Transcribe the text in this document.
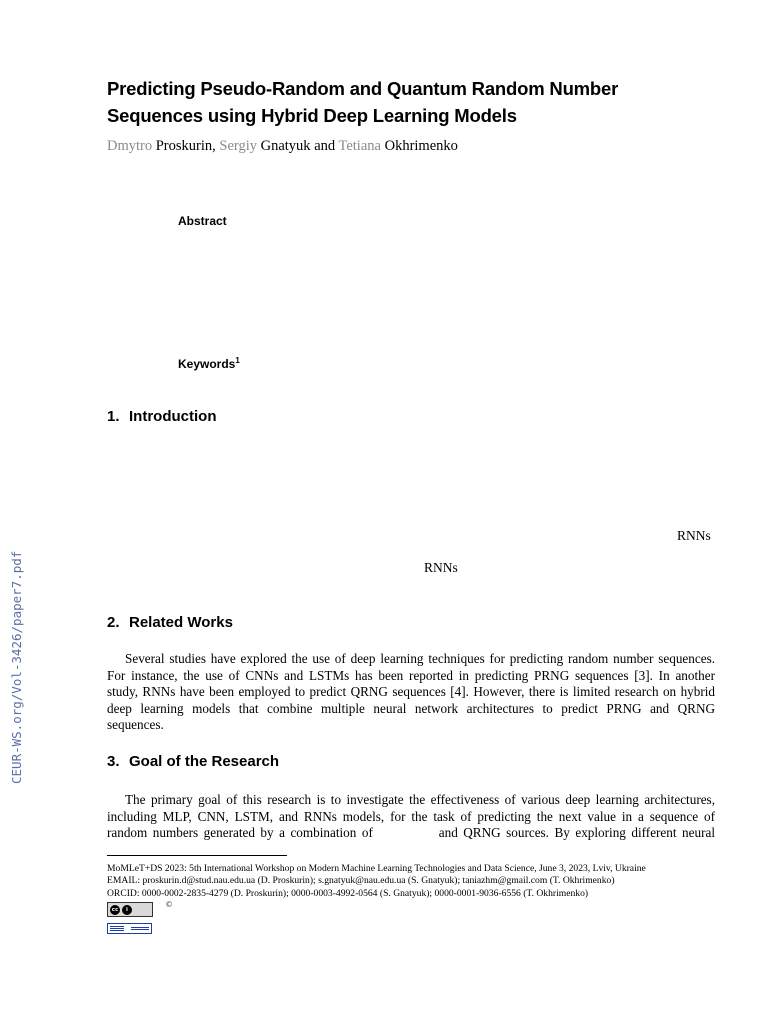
CEUR-WS.org/Vol-3426/paper7.pdf
Predicting Pseudo-Random and Quantum Random Number Sequences using Hybrid Deep Learning Models
Dmytro Proskurin, Sergiy Gnatyuk and Tetiana Okhrimenko
Abstract
Keywords$^1$
1. Introduction
RNNs
RNNs
2. Related Works
Several studies have explored the use of deep learning techniques for predicting random number sequences.
For instance, the use of CNNs and LSTMs has been reported in predicting PRNG sequences [3]. In another
study, RNNs have been employed to predict QRNG sequences [4]. However, there is limited research on hybrid
deep learning models that combine multiple neural network architectures to predict PRNG and QRNG
sequences.
3. Goal of the Research
The primary goal of this research is to investigate the effectiveness of various deep learning architectures,
including MLP, CNN, LSTM, and RNNs models, for the task of predicting the next value in a sequence of
random numbers generated by a combination of            and QRNG sources. By exploring different neural
MoMLeT+DS 2023: 5th International Workshop on Modern Machine Learning Technologies and Data Science, June 3, 2023, Lviv, Ukraine
EMAIL: proskurin.d@stud.nau.edu.ua (D. Proskurin); s.gnatyuk@nau.edu.ua (S. Gnatyuk); taniazhm@gmail.com (T. Okhrimenko)
ORCID: 0000-0002-2835-4279 (D. Proskurin); 0000-0003-4992-0564 (S. Gnatyuk); 0000-0001-9036-6556 (T. Okhrimenko)
cc	i
©
